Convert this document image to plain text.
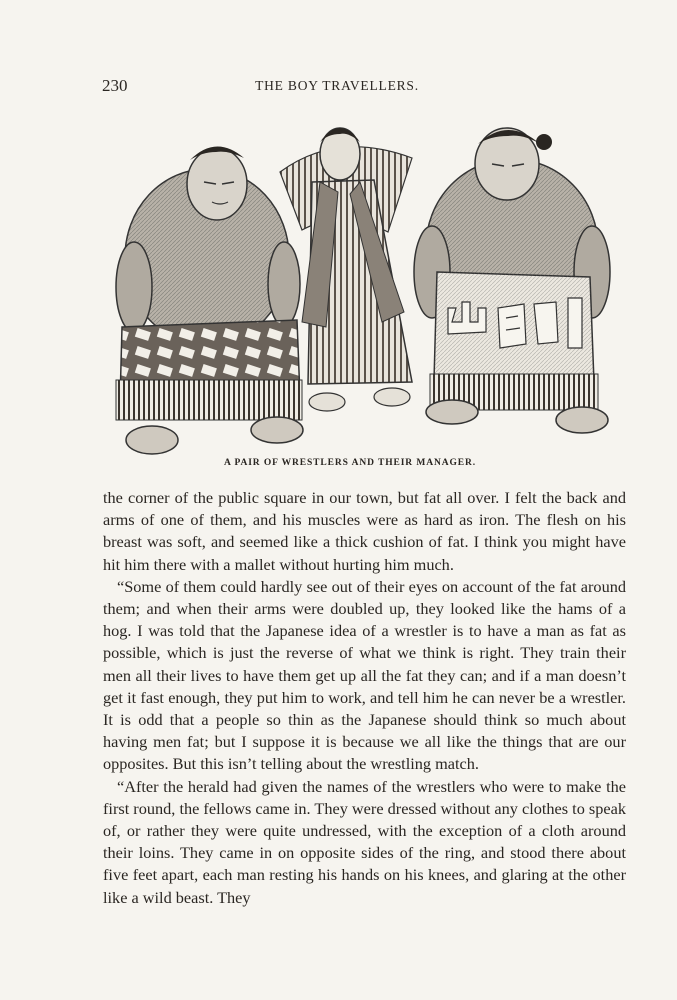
230	THE BOY TRAVELLERS.
A PAIR OF WRESTLERS AND THEIR MANAGER.

the corner of the public square in our town, but fat all over. I felt the back and arms of one of them, and his muscles were as hard as iron. The flesh on his breast was soft, and seemed like a thick cushion of fat. I think you might have hit him there with a mallet without hurting him much.

“Some of them could hardly see out of their eyes on account of the fat around them; and when their arms were doubled up, they looked like the hams of a hog. I was told that the Japanese idea of a wrestler is to have a man as fat as possible, which is just the reverse of what we think is right. They train their men all their lives to have them get up all the fat they can; and if a man doesn’t get it fast enough, they put him to work, and tell him he can never be a wrestler. It is odd that a people so thin as the Japanese should think so much about having men fat; but I suppose it is because we all like the things that are our opposites. But this isn’t telling about the wrestling match.

“After the herald had given the names of the wrestlers who were to make the first round, the fellows came in. They were dressed without any clothes to speak of, or rather they were quite undressed, with the exception of a cloth around their loins. They came in on opposite sides of the ring, and stood there about five feet apart, each man resting his hands on his knees, and glaring at the other like a wild beast. They
